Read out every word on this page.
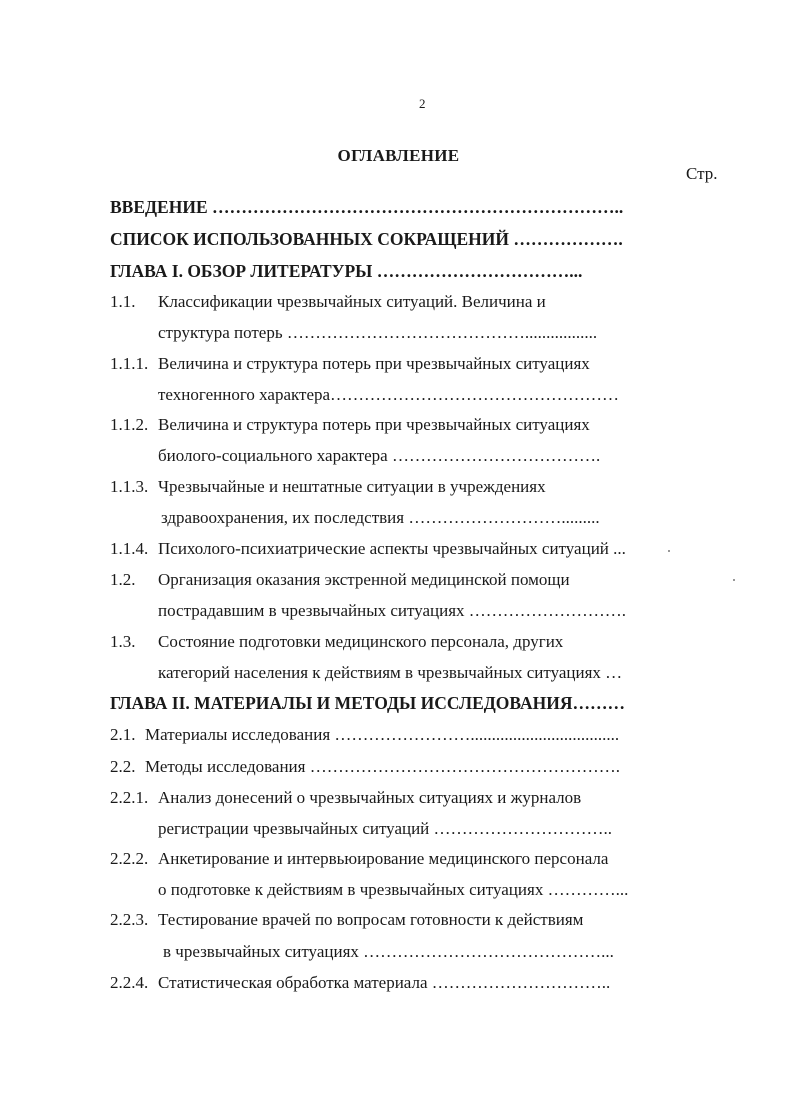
2
ОГЛАВЛЕНИЕ
Стр.
ВВЕДЕНИЕ ……………………………………………………………..
СПИСОК ИСПОЛЬЗОВАННЫХ СОКРАЩЕНИЙ ……………….
ГЛАВА I. ОБЗОР ЛИТЕРАТУРЫ ……………………………...
1.1. Классификации чрезвычайных ситуаций. Величина и
структура потерь …………………………………….................
1.1.1. Величина и структура потерь при чрезвычайных ситуациях
техногенного характера……………………………………………
1.1.2. Величина и структура потерь при чрезвычайных ситуациях
биолого-социального характера ……………………………….
1.1.3. Чрезвычайные и нештатные ситуации в учреждениях
здравоохранения, их последствия ……………………….........
1.1.4. Психолого-психиатрические аспекты чрезвычайных ситуаций ...
1.2. Организация оказания экстренной медицинской помощи
пострадавшим в чрезвычайных ситуациях ……………………….
1.3. Состояние подготовки медицинского персонала, других
категорий населения к действиям в чрезвычайных ситуациях …
ГЛАВА II. МАТЕРИАЛЫ И МЕТОДЫ ИССЛЕДОВАНИЯ………
2.1. Материалы исследования ……………………...................................
2.2. Методы исследования ……………………………………………….
2.2.1. Анализ донесений о чрезвычайных ситуациях и журналов
регистрации чрезвычайных ситуаций …………………………..
2.2.2. Анкетирование и интервьюирование медицинского персонала
о подготовке к действиям в чрезвычайных ситуациях …………...
2.2.3. Тестирование врачей по вопросам готовности к действиям
в чрезвычайных ситуациях ……………………………………...
2.2.4. Статистическая обработка материала …………………………..
